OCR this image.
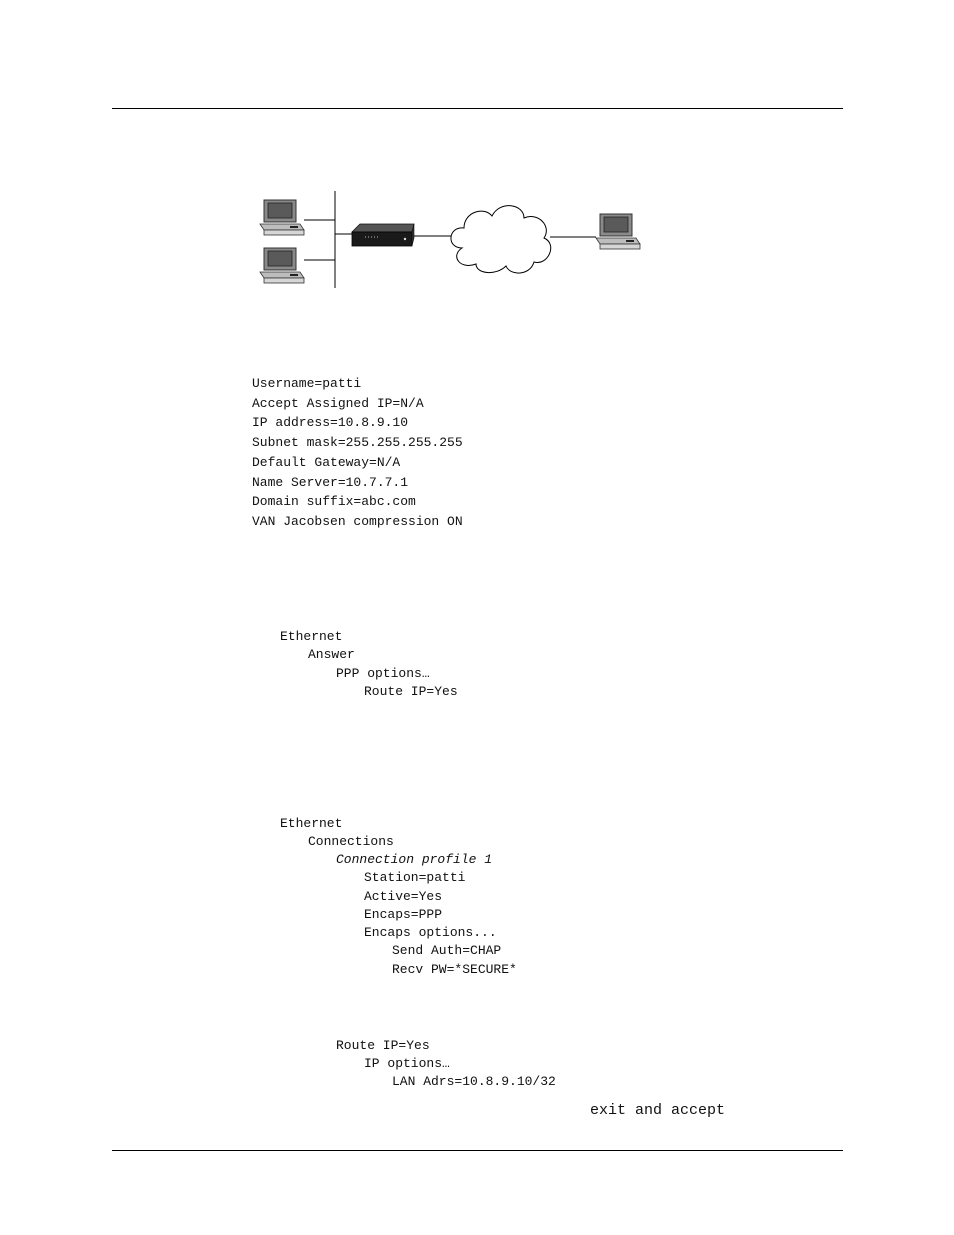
Username=patti
Accept Assigned IP=N/A
IP address=10.8.9.10
Subnet mask=255.255.255.255
Default Gateway=N/A
Name Server=10.7.7.1
Domain suffix=abc.com
VAN Jacobsen compression ON
Ethernet
Answer
PPP options…
Route IP=Yes
Ethernet
Connections
Connection profile 1
Station=patti
Active=Yes
Encaps=PPP
Encaps options...
Send Auth=CHAP
Recv PW=*SECURE*
Route IP=Yes
IP options…
LAN Adrs=10.8.9.10/32
exit and accept
